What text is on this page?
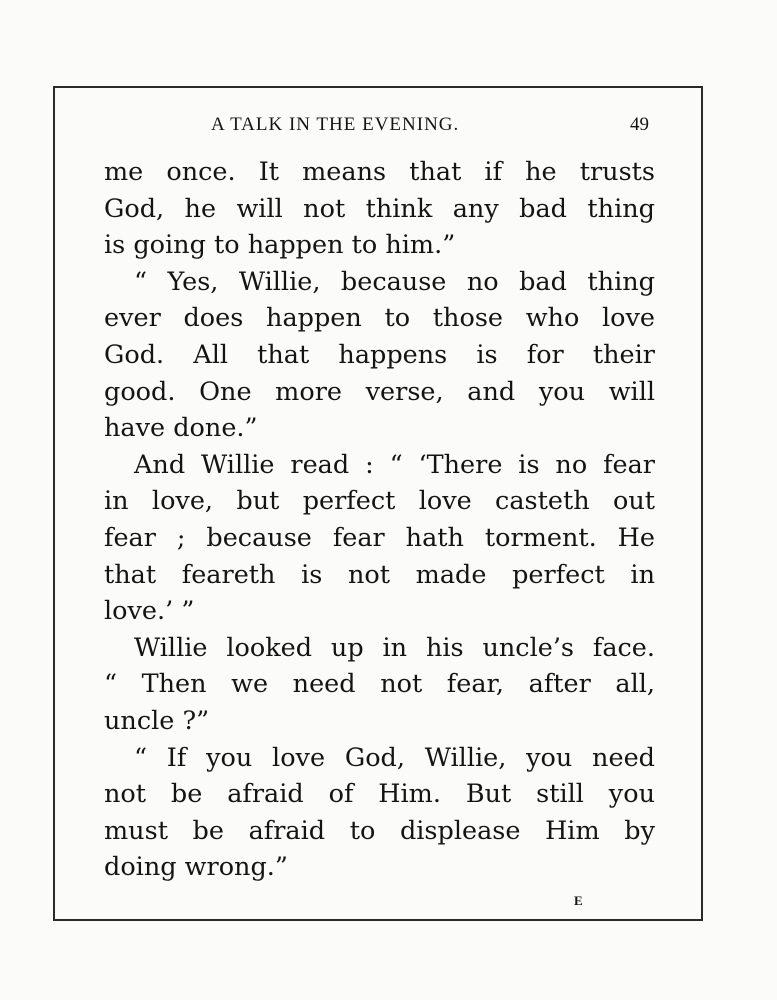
A TALK IN THE EVENING.	49
me once. It means that if he trusts
God, he will not think any bad thing
is going to happen to him.”
“ Yes, Willie, because no bad thing
ever does happen to those who love
God. All that happens is for their
good. One more verse, and you will
have done.”
And Willie read : “ ‘There is no fear
in love, but perfect love casteth out
fear ; because fear hath torment. He
that feareth is not made perfect in
love.’ ”
Willie looked up in his uncle’s face.
“ Then we need not fear, after all,
uncle ?”
“ If you love God, Willie, you need
not be afraid of Him. But still you
must be afraid to displease Him by
doing wrong.”
E
